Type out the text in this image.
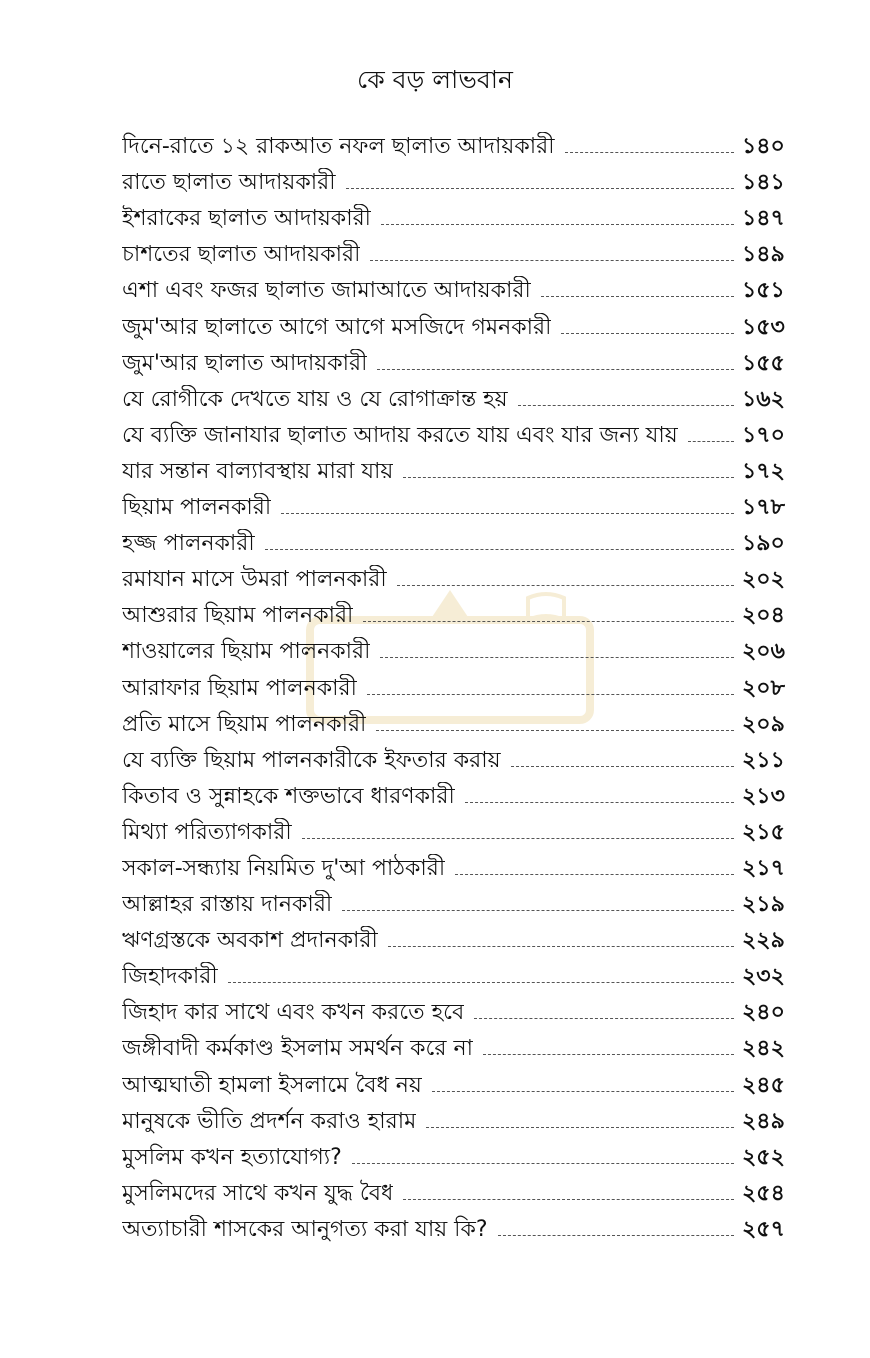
কে বড় লাভবান
দিনে-রাতে ১২ রাকআত নফল ছালাত আদায়কারী	১৪০
রাতে ছালাত আদায়কারী	১৪১
ইশরাকের ছালাত আদায়কারী	১৪৭
চাশতের ছালাত আদায়কারী	১৪৯
এশা এবং ফজর ছালাত জামাআতে আদায়কারী	১৫১
জুম'আর ছালাতে আগে আগে মসজিদে গমনকারী	১৫৩
জুম'আর ছালাত আদায়কারী	১৫৫
যে রোগীকে দেখতে যায় ও যে রোগাক্রান্ত হয়	১৬২
যে ব্যক্তি জানাযার ছালাত আদায় করতে যায় এবং যার জন্য যায়	১৭০
যার সন্তান বাল্যাবস্থায় মারা যায়	১৭২
ছিয়াম পালনকারী	১৭৮
হজ্জ পালনকারী	১৯০
রমাযান মাসে উমরা পালনকারী	২০২
আশুরার ছিয়াম পালনকারী	২০৪
শাওয়ালের ছিয়াম পালনকারী	২০৬
আরাফার ছিয়াম পালনকারী	২০৮
প্রতি মাসে ছিয়াম পালনকারী	২০৯
যে ব্যক্তি ছিয়াম পালনকারীকে ইফতার করায়	২১১
কিতাব ও সুন্নাহকে শক্তভাবে ধারণকারী	২১৩
মিথ্যা পরিত্যাগকারী	২১৫
সকাল-সন্ধ্যায় নিয়মিত দু'আ পাঠকারী	২১৭
আল্লাহর রাস্তায় দানকারী	২১৯
ঋণগ্রস্তকে অবকাশ প্রদানকারী	২২৯
জিহাদকারী	২৩২
জিহাদ কার সাথে এবং কখন করতে হবে	২৪০
জঙ্গীবাদী কর্মকাণ্ড ইসলাম সমর্থন করে না	২৪২
আত্মঘাতী হামলা ইসলামে বৈধ নয়	২৪৫
মানুষকে ভীতি প্রদর্শন করাও হারাম	২৪৯
মুসলিম কখন হত্যাযোগ্য?	২৫২
মুসলিমদের সাথে কখন যুদ্ধ বৈধ	২৫৪
অত্যাচারী শাসকের আনুগত্য করা যায় কি?	২৫৭
